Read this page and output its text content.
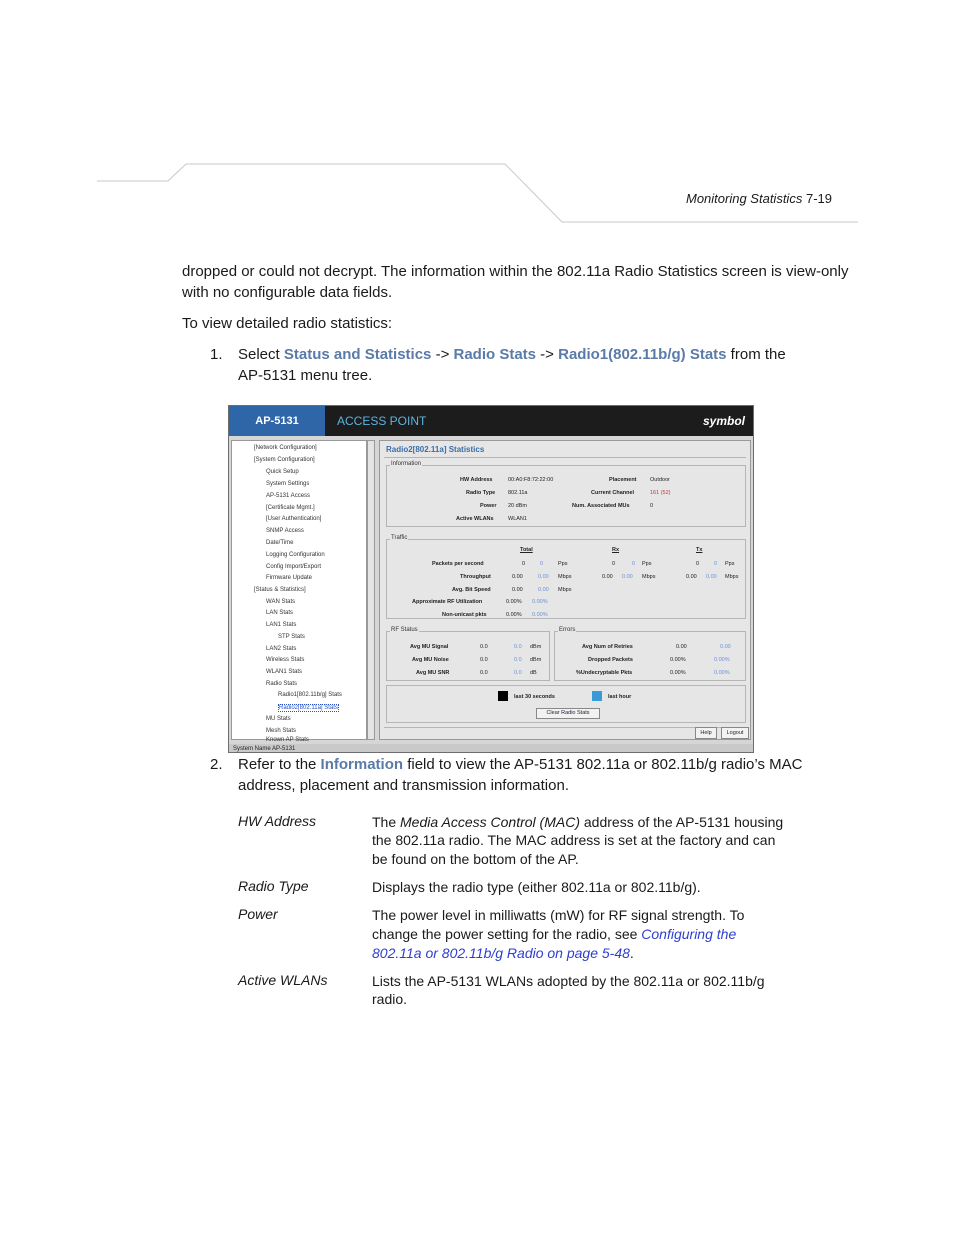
Monitoring Statistics 7-19
dropped or could not decrypt. The information within the 802.11a Radio Statistics screen is view-only
with no configurable data fields.
To view detailed radio statistics:
1. Select Status and Statistics -> Radio Stats -> Radio1(802.11b/g) Stats from the
AP-5131 menu tree.
AP-5131	ACCESS POINT	symbol
[Network Configuration]
[System Configuration]
Quick Setup
System Settings
AP-5131 Access
[Certificate Mgmt.]
[User Authentication]
SNMP Access
Date/Time
Logging Configuration
Config Import/Export
Firmware Update
[Status & Statistics]
WAN Stats
LAN Stats
LAN1 Stats
STP Stats
LAN2 Stats
Wireless Stats
WLAN1 Stats
Radio Stats
Radio1[802.11b/g] Stats
Radio2[802.11a] Stats
MU Stats
Mesh Stats
Known AP Stats
Radio2[802.11a] Statistics
Information
HW Address	00:A0:F8:72:22:00
Radio Type 802.11a
Power 20 dBm
Active WLANs	WLAN1
Placement Outdoor
Current Channel	161 (52)
Num. Associated MUs	0
Traffic
Total	Rx	Tx
Packets per second	0	0	Pps	0	0 Pps	0	0 Pps
Throughput	0.00	0.00 Mbps	0.00 0.00 Mbps	0.00 0.00 Mbps
Avg. Bit Speed	0.00	0.00 Mbps
Approximate RF Utilization	0.00% 0.00%
Non-unicast pkts	0.00% 0.00%
RF Status
Avg MU Signal	0.0	0.0 dBm
Avg MU Noise	0.0	0.0 dBm
Avg MU SNR	0.0	0.0 dB
Errors
Avg Num of Retries	0.00	0.00
Dropped Packets	0.00%	0.00%
%Undecryptable Pkts	0.00%	0.00%
last 30 seconds	last hour
Clear Radio Stats
Help	Logout
System Name AP-5131
2. Refer to the Information field to view the AP-5131 802.11a or 802.11b/g radio’s MAC
address, placement and transmission information.
HW Address	The Media Access Control (MAC) address of the AP-5131 housing
the 802.11a radio. The MAC address is set at the factory and can
be found on the bottom of the AP.
Radio Type	Displays the radio type (either 802.11a or 802.11b/g).
Power	The power level in milliwatts (mW) for RF signal strength. To
change the power setting for the radio, see Configuring the
802.11a or 802.11b/g Radio on page 5-48.
Active WLANs	Lists the AP-5131 WLANs adopted by the 802.11a or 802.11b/g
radio.
